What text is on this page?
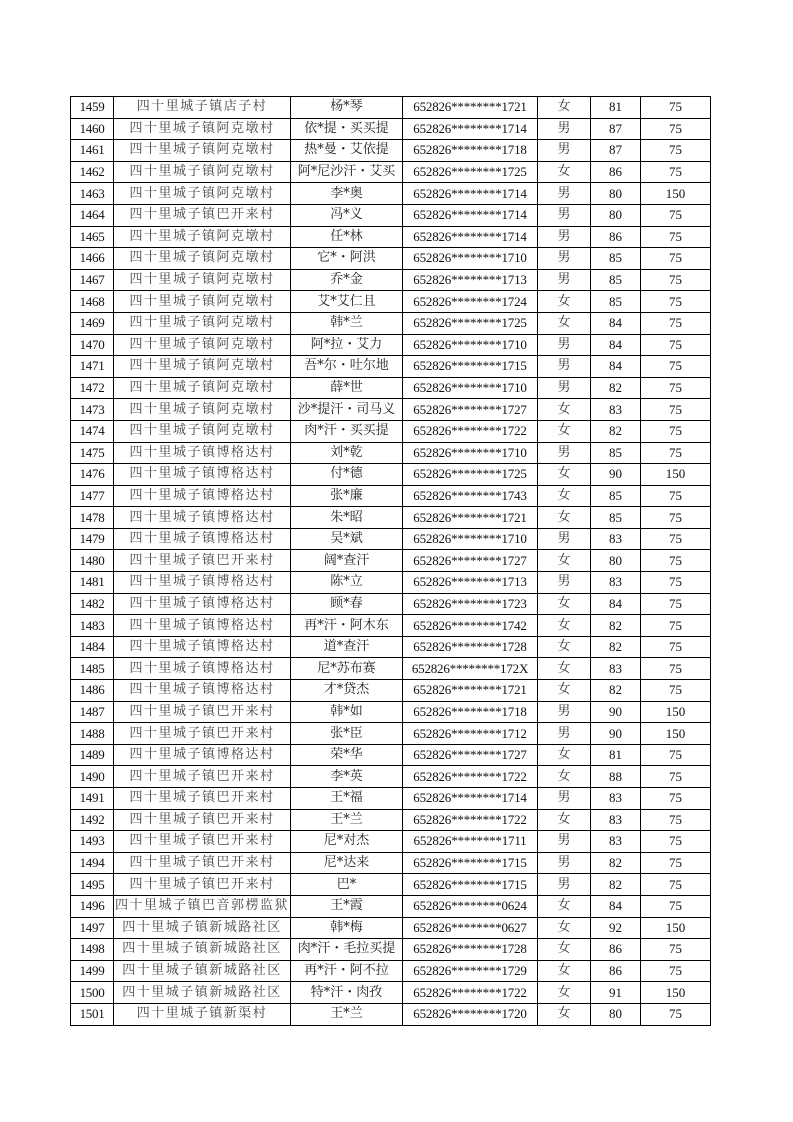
1459	四十里城子镇店子村	杨*琴	652826********1721	女	81	75
1460	四十里城子镇阿克墩村	依*提・买买提	652826********1714	男	87	75
1461	四十里城子镇阿克墩村	热*曼・艾依提	652826********1718	男	87	75
1462	四十里城子镇阿克墩村	阿*尼沙汗・艾买	652826********1725	女	86	75
1463	四十里城子镇阿克墩村	李*奥	652826********1714	男	80	150
1464	四十里城子镇巴开来村	冯*义	652826********1714	男	80	75
1465	四十里城子镇阿克墩村	任*林	652826********1714	男	86	75
1466	四十里城子镇阿克墩村	它*・阿洪	652826********1710	男	85	75
1467	四十里城子镇阿克墩村	乔*金	652826********1713	男	85	75
1468	四十里城子镇阿克墩村	艾*艾仁且	652826********1724	女	85	75
1469	四十里城子镇阿克墩村	韩*兰	652826********1725	女	84	75
1470	四十里城子镇阿克墩村	阿*拉・艾力	652826********1710	男	84	75
1471	四十里城子镇阿克墩村	吾*尔・吐尔地	652826********1715	男	84	75
1472	四十里城子镇阿克墩村	薛*世	652826********1710	男	82	75
1473	四十里城子镇阿克墩村	沙*提汗・司马义	652826********1727	女	83	75
1474	四十里城子镇阿克墩村	肉*汗・买买提	652826********1722	女	82	75
1475	四十里城子镇博格达村	刘*乾	652826********1710	男	85	75
1476	四十里城子镇博格达村	付*德	652826********1725	女	90	150
1477	四十里城子镇博格达村	张*廉	652826********1743	女	85	75
1478	四十里城子镇博格达村	朱*昭	652826********1721	女	85	75
1479	四十里城子镇博格达村	吴*斌	652826********1710	男	83	75
1480	四十里城子镇巴开来村	阔*查汗	652826********1727	女	80	75
1481	四十里城子镇博格达村	陈*立	652826********1713	男	83	75
1482	四十里城子镇博格达村	顾*春	652826********1723	女	84	75
1483	四十里城子镇博格达村	再*汗・阿木东	652826********1742	女	82	75
1484	四十里城子镇博格达村	道*查汗	652826********1728	女	82	75
1485	四十里城子镇博格达村	尼*苏布赛	652826********172X	女	83	75
1486	四十里城子镇博格达村	才*贷杰	652826********1721	女	82	75
1487	四十里城子镇巴开来村	韩*如	652826********1718	男	90	150
1488	四十里城子镇巴开来村	张*臣	652826********1712	男	90	150
1489	四十里城子镇博格达村	荣*华	652826********1727	女	81	75
1490	四十里城子镇巴开来村	李*英	652826********1722	女	88	75
1491	四十里城子镇巴开来村	王*福	652826********1714	男	83	75
1492	四十里城子镇巴开来村	王*兰	652826********1722	女	83	75
1493	四十里城子镇巴开来村	尼*对杰	652826********1711	男	83	75
1494	四十里城子镇巴开来村	尼*达来	652826********1715	男	82	75
1495	四十里城子镇巴开来村	巴*	652826********1715	男	82	75
1496	四十里城子镇巴音郭楞监狱	王*霞	652826********0624	女	84	75
1497	四十里城子镇新城路社区	韩*梅	652826********0627	女	92	150
1498	四十里城子镇新城路社区	肉*汗・毛拉买提	652826********1728	女	86	75
1499	四十里城子镇新城路社区	再*汗・阿不拉	652826********1729	女	86	75
1500	四十里城子镇新城路社区	特*汗・肉孜	652826********1722	女	91	150
1501	四十里城子镇新渠村	王*兰	652826********1720	女	80	75
